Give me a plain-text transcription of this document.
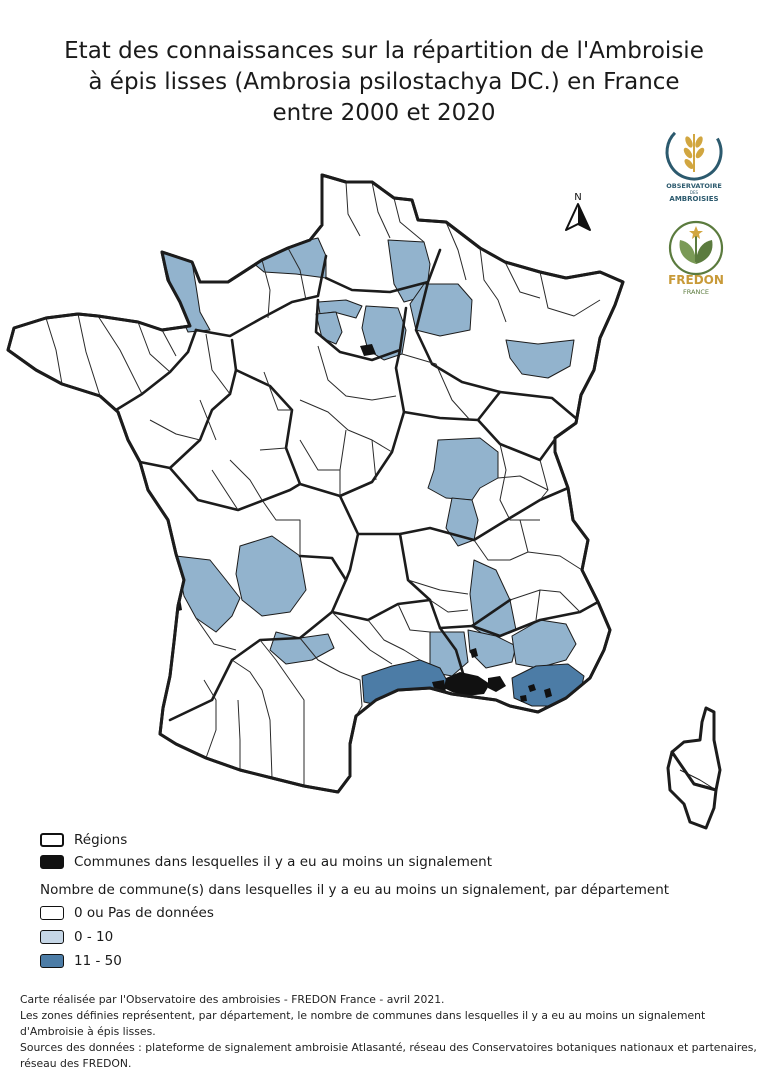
Etat des connaissances sur la répartition de l'Ambroisie
à épis lisses (Ambrosia psilostachya DC.) en France
entre 2000 et 2020
OBSERVATOIRE
DES
AMBROISIES
FREDON
FRANCE
N
Régions
Communes dans lesquelles il y a eu au moins un signalement
Nombre de commune(s) dans lesquelles il y a eu au moins un signalement, par département
0 ou Pas de données
0 - 10
11 - 50
Carte réalisée par l'Observatoire des ambroisies - FREDON France - avril 2021.
Les zones définies représentent, par département, le nombre de communes dans lesquelles il y a eu au moins un signalement
d'Ambroisie à épis lisses.
Sources des données : plateforme de signalement ambroisie Atlasanté, réseau des Conservatoires botaniques nationaux et partenaires,
réseau des FREDON.
